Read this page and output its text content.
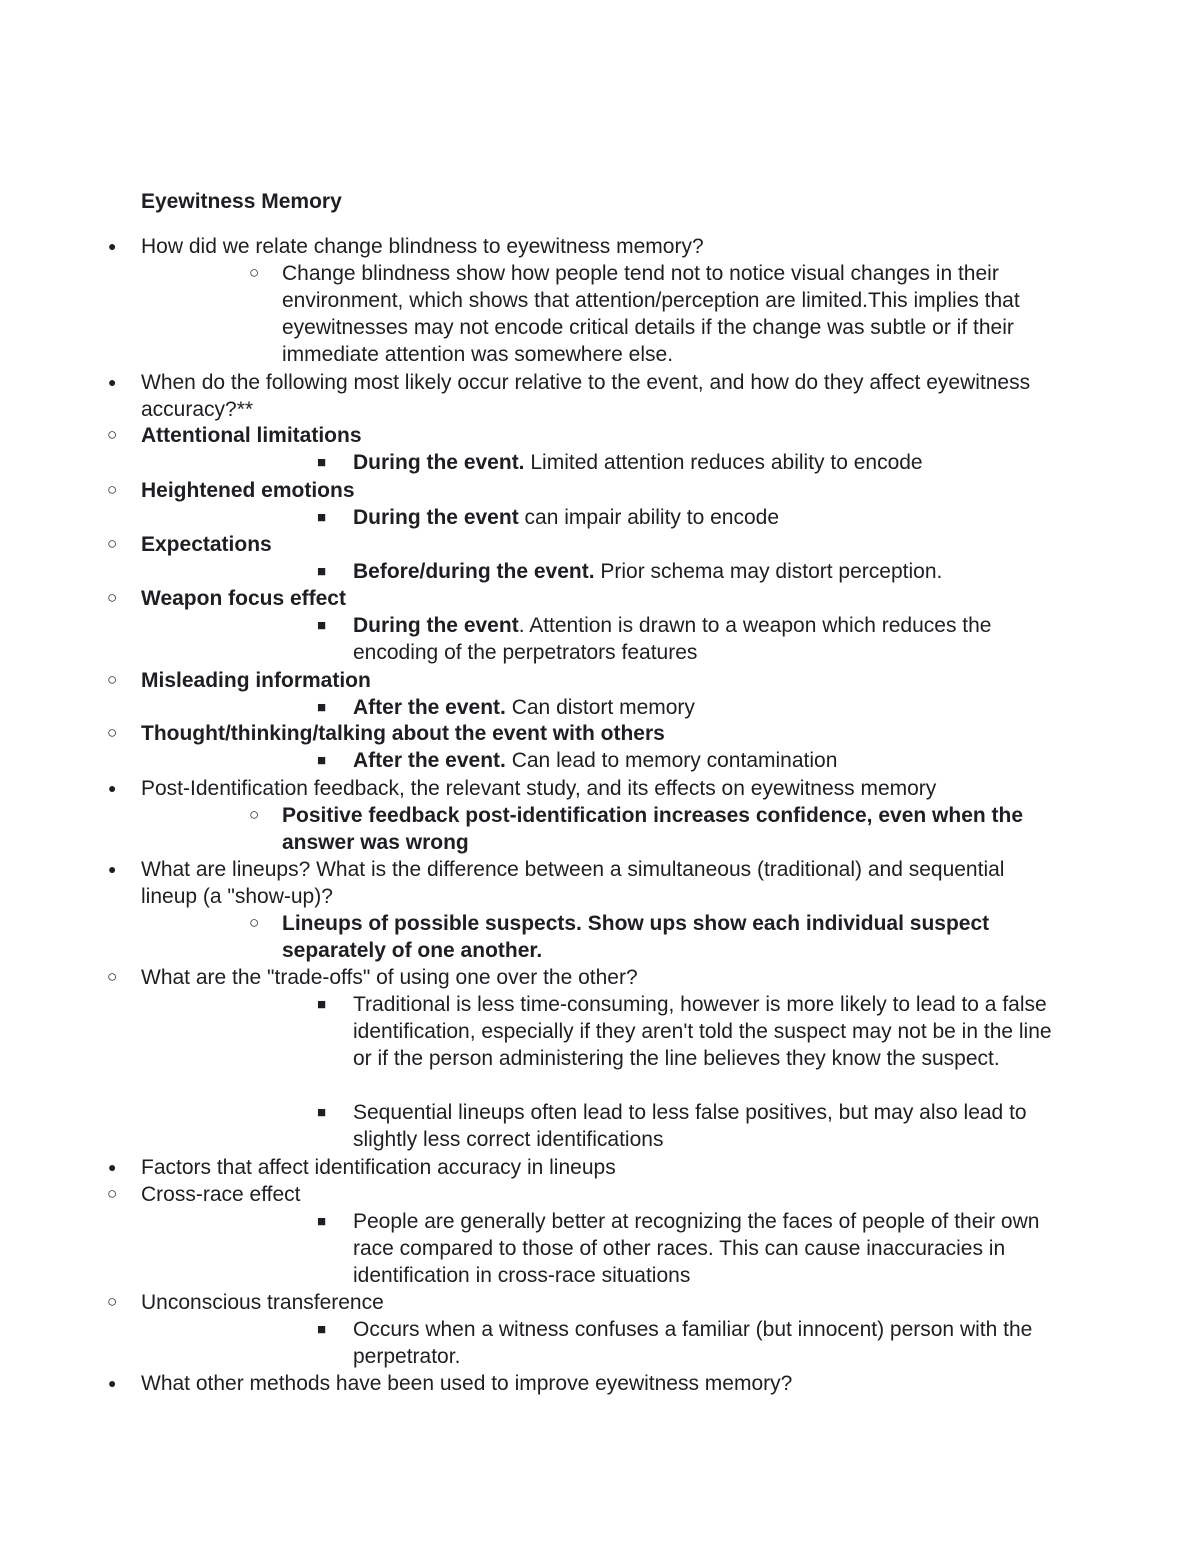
Eyewitness Memory
● How did we relate change blindness to eyewitness memory?
○ Change blindness show how people tend not to notice visual changes in their environment, which shows that attention/perception are limited.This implies that eyewitnesses may not encode critical details if the change was subtle or if their immediate attention was somewhere else.
● When do the following most likely occur relative to the event, and how do they affect eyewitness accuracy?**
○ Attentional limitations
■ During the event. Limited attention reduces ability to encode
○ Heightened emotions
■ During the event can impair ability to encode
○ Expectations
■ Before/during the event. Prior schema may distort perception.
○ Weapon focus effect
■ During the event. Attention is drawn to a weapon which reduces the encoding of the perpetrators features
○ Misleading information
■ After the event. Can distort memory
○ Thought/thinking/talking about the event with others
■ After the event. Can lead to memory contamination
● Post-Identification feedback, the relevant study, and its effects on eyewitness memory
○ Positive feedback post-identification increases confidence, even when the answer was wrong
● What are lineups? What is the difference between a simultaneous (traditional) and sequential lineup (a "show-up)?
○ Lineups of possible suspects. Show ups show each individual suspect separately of one another.
○ What are the "trade-offs" of using one over the other?
■ Traditional is less time-consuming, however is more likely to lead to a false identification, especially if they aren't told the suspect may not be in the line or if the person administering the line believes they know the suspect.
■ Sequential lineups often lead to less false positives, but may also lead to slightly less correct identifications
● Factors that affect identification accuracy in lineups
○ Cross-race effect
■ People are generally better at recognizing the faces of people of their own race compared to those of other races. This can cause inaccuracies in identification in cross-race situations
○ Unconscious transference
■ Occurs when a witness confuses a familiar (but innocent) person with the perpetrator.
● What other methods have been used to improve eyewitness memory?
